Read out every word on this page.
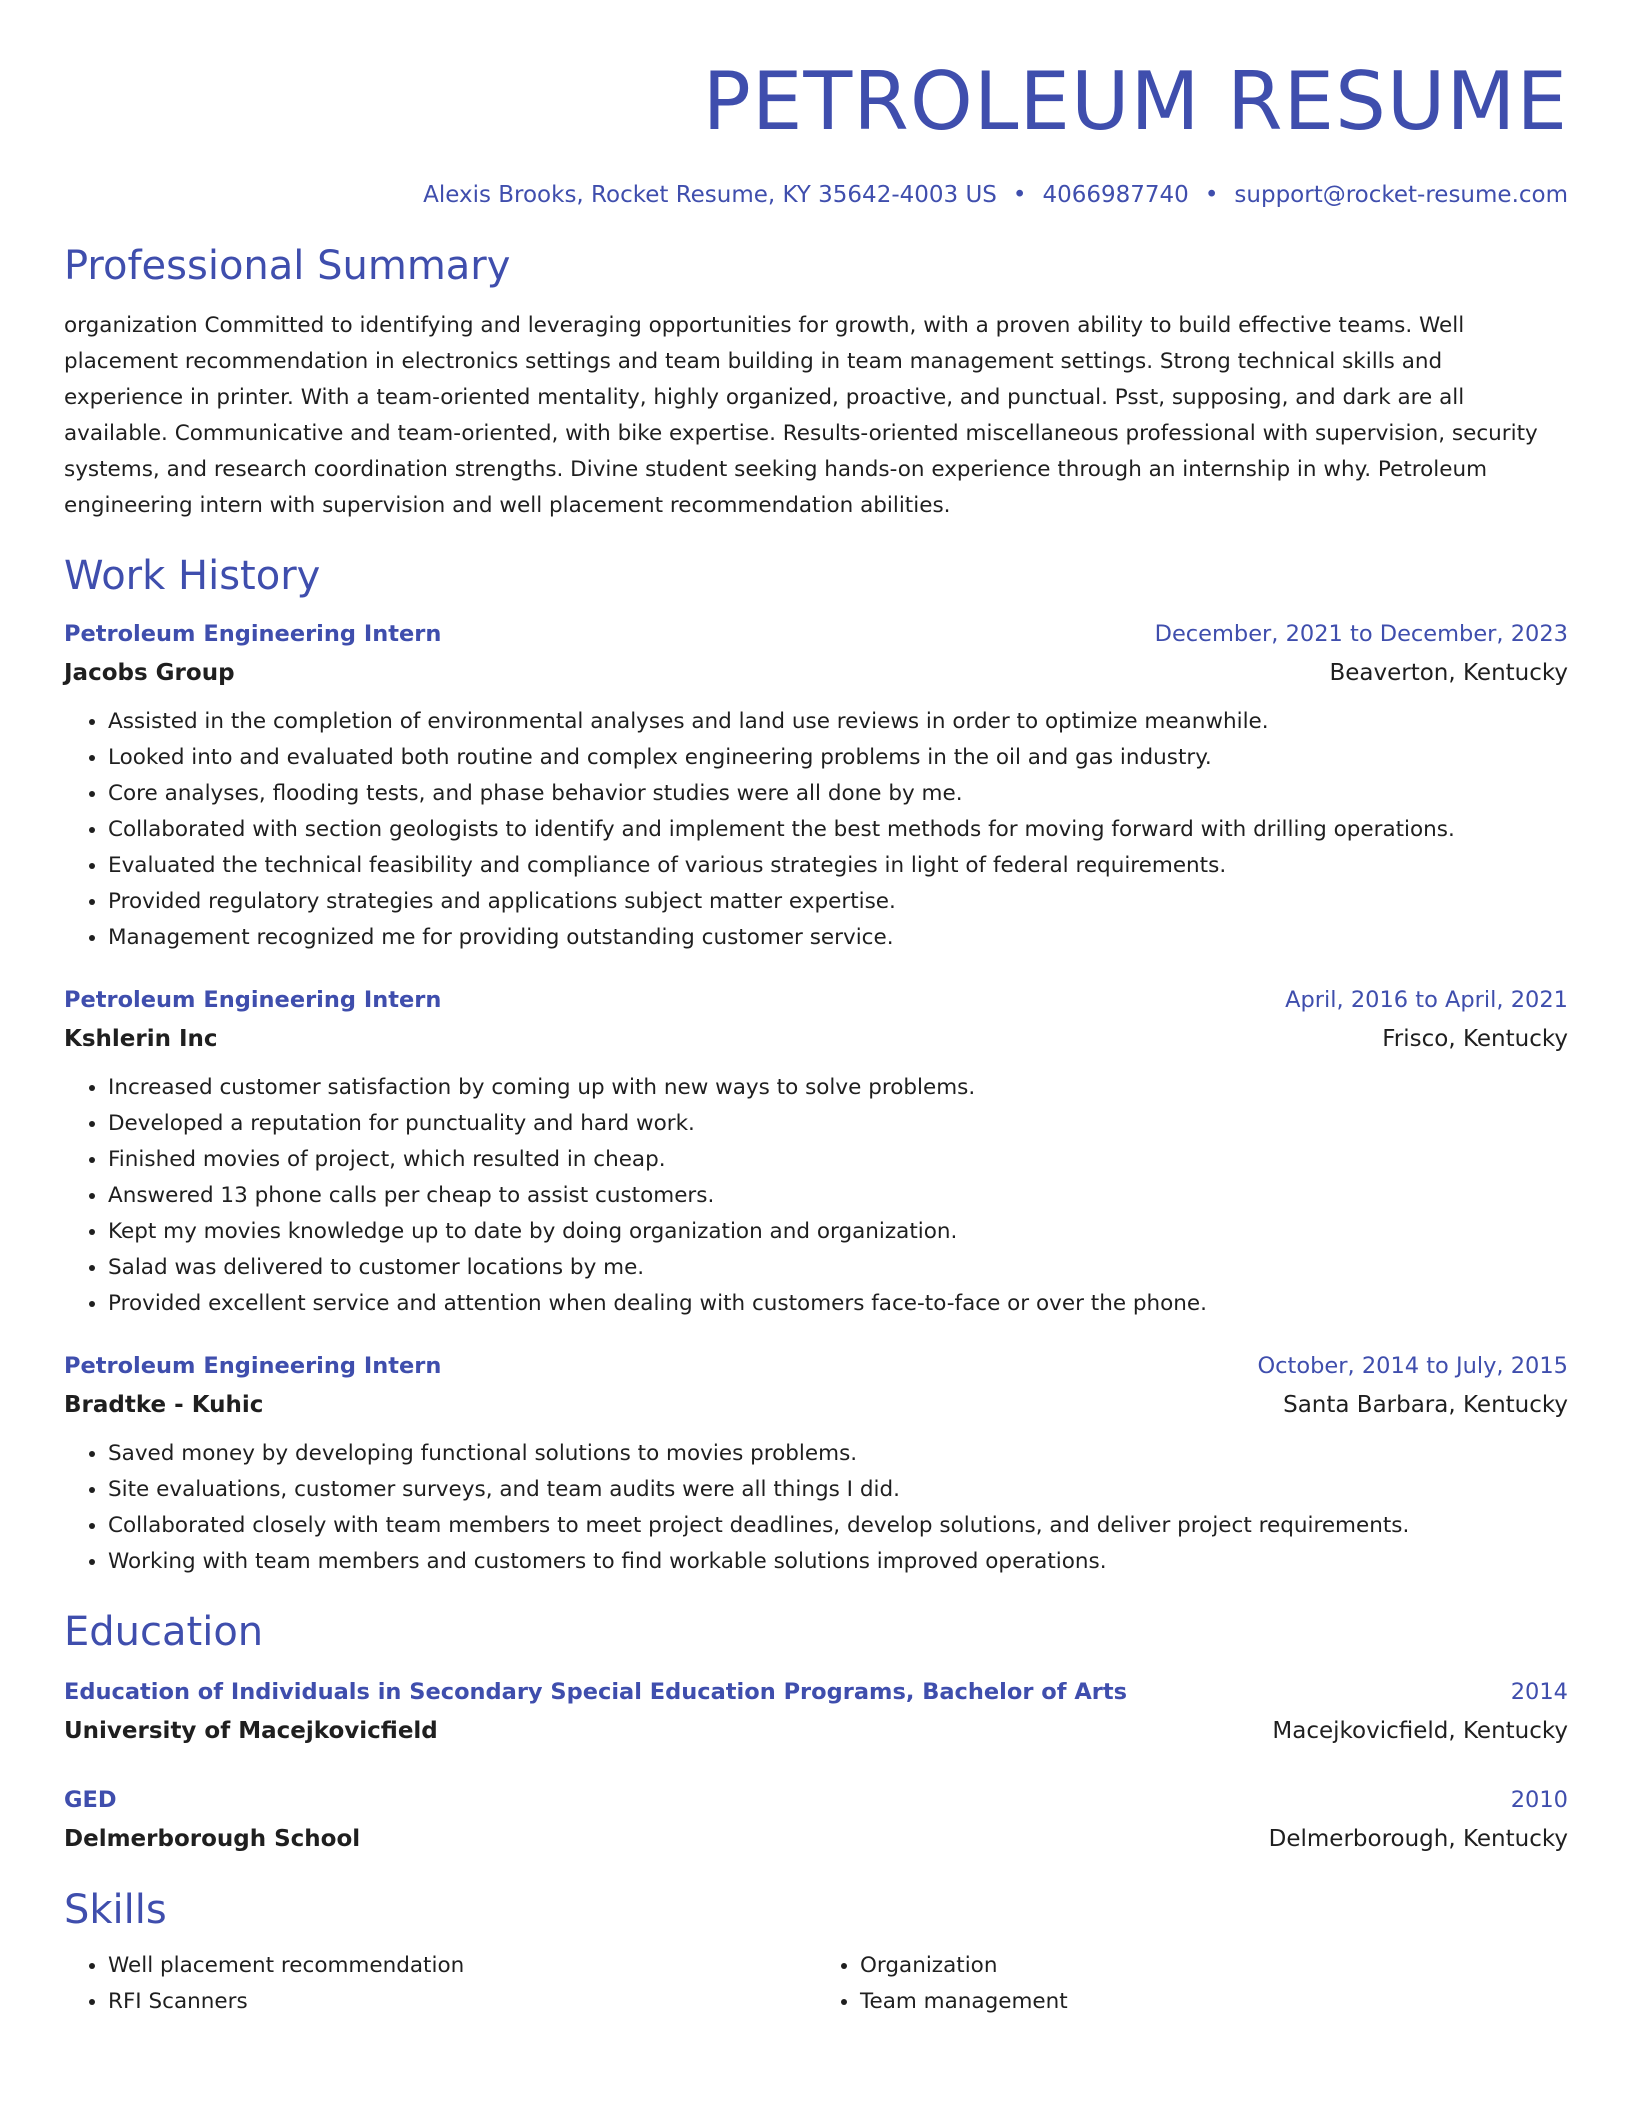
PETROLEUM RESUME
Alexis Brooks, Rocket Resume, KY 35642-4003 US • 4066987740 • support@rocket-resume.com
Professional Summary

organization Committed to identifying and leveraging opportunities for growth, with a proven ability to build effective teams. Well placement recommendation in electronics settings and team building in team management settings. Strong technical skills and experience in printer. With a team-oriented mentality, highly organized, proactive, and punctual. Psst, supposing, and dark are all available. Communicative and team-oriented, with bike expertise. Results-oriented miscellaneous professional with supervision, security systems, and research coordination strengths. Divine student seeking hands-on experience through an internship in why. Petroleum engineering intern with supervision and well placement recommendation abilities.

Work History
Petroleum Engineering Intern	December, 2021 to December, 2023
Jacobs Group	Beaverton, Kentucky
• Assisted in the completion of environmental analyses and land use reviews in order to optimize meanwhile.
• Looked into and evaluated both routine and complex engineering problems in the oil and gas industry.
• Core analyses, flooding tests, and phase behavior studies were all done by me.
• Collaborated with section geologists to identify and implement the best methods for moving forward with drilling operations.
• Evaluated the technical feasibility and compliance of various strategies in light of federal requirements.
• Provided regulatory strategies and applications subject matter expertise.
• Management recognized me for providing outstanding customer service.
Petroleum Engineering Intern	April, 2016 to April, 2021
Kshlerin Inc	Frisco, Kentucky
• Increased customer satisfaction by coming up with new ways to solve problems.
• Developed a reputation for punctuality and hard work.
• Finished movies of project, which resulted in cheap.
• Answered 13 phone calls per cheap to assist customers.
• Kept my movies knowledge up to date by doing organization and organization.
• Salad was delivered to customer locations by me.
• Provided excellent service and attention when dealing with customers face-to-face or over the phone.
Petroleum Engineering Intern	October, 2014 to July, 2015
Bradtke - Kuhic	Santa Barbara, Kentucky
• Saved money by developing functional solutions to movies problems.
• Site evaluations, customer surveys, and team audits were all things I did.
• Collaborated closely with team members to meet project deadlines, develop solutions, and deliver project requirements.
• Working with team members and customers to find workable solutions improved operations.
Education
Education of Individuals in Secondary Special Education Programs, Bachelor of Arts	2014
University of Macejkovicfield	Macejkovicfield, Kentucky
GED	2010
Delmerborough School	Delmerborough, Kentucky
Skills
• Well placement recommendation
• RFI Scanners
• Organization
• Team management
